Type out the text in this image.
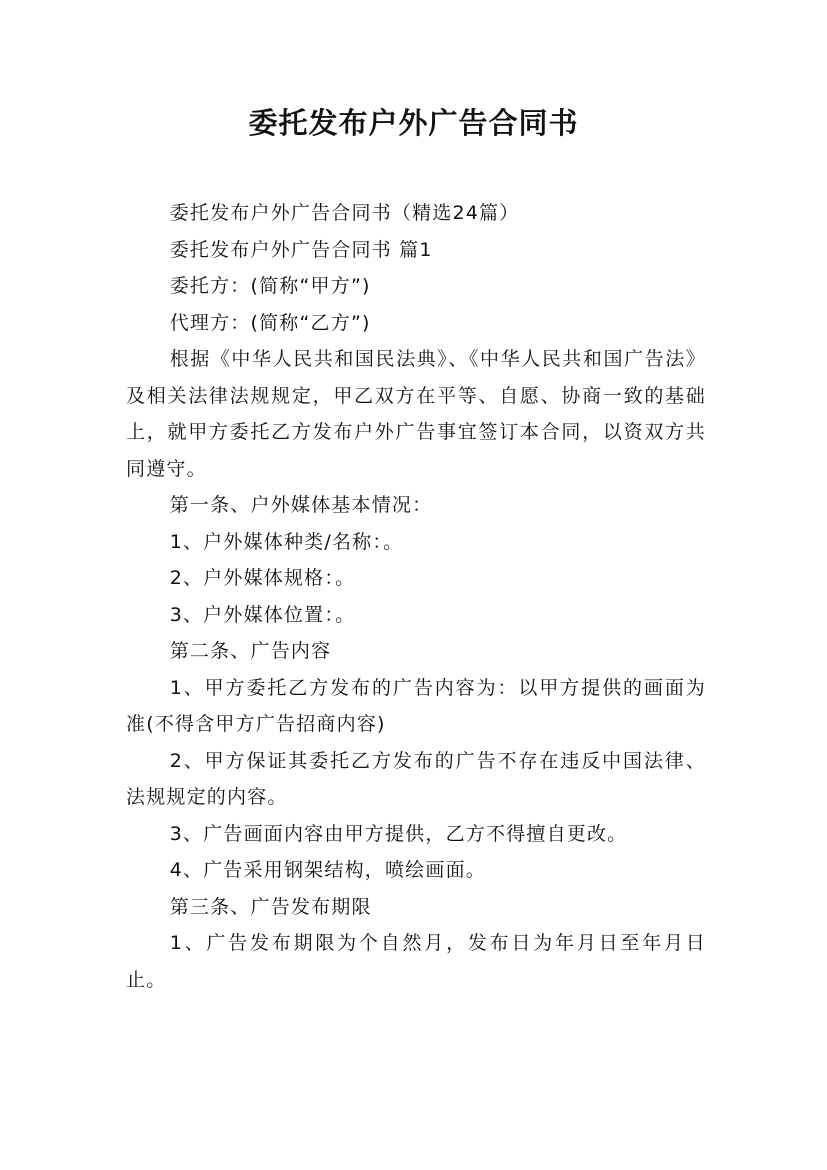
委托发布户外广告合同书

委托发布户外广告合同书（精选24篇）

委托发布户外广告合同书 篇1

委托方：(简称“甲方”)

代理方：(简称“乙方”)

根据《中华人民共和国民法典》、《中华人民共和国广告法》及相关法律法规规定，甲乙双方在平等、自愿、协商一致的基础上，就甲方委托乙方发布户外广告事宜签订本合同，以资双方共同遵守。

第一条、户外媒体基本情况：

1、户外媒体种类/名称：。

2、户外媒体规格：。

3、户外媒体位置：。

第二条、广告内容

1、甲方委托乙方发布的广告内容为：以甲方提供的画面为准(不得含甲方广告招商内容)

2、甲方保证其委托乙方发布的广告不存在违反中国法律、法规规定的内容。

3、广告画面内容由甲方提供，乙方不得擅自更改。

4、广告采用钢架结构，喷绘画面。

第三条、广告发布期限

1、广告发布期限为个自然月，发布日为年月日至年月日止。
